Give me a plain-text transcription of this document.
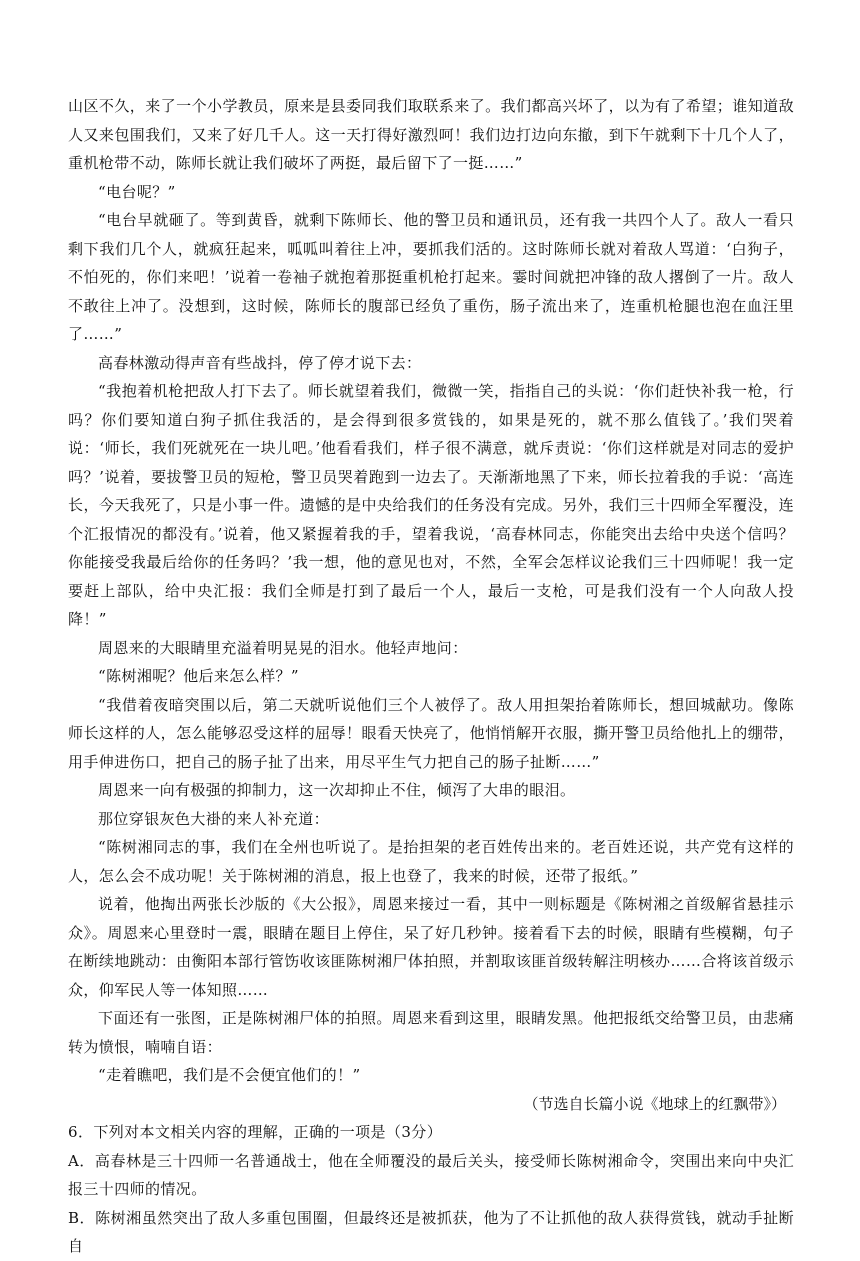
山区不久，来了一个小学教员，原来是县委同我们取联系来了。我们都高兴坏了，以为有了希望；谁知道敌人又来包围我们，又来了好几千人。这一天打得好激烈呵！我们边打边向东撤，到下午就剩下十几个人了，重机枪带不动，陈师长就让我们破坏了两挺，最后留下了一挺……”

“电台呢？”

“电台早就砸了。等到黄昏，就剩下陈师长、他的警卫员和通讯员，还有我一共四个人了。敌人一看只剩下我们几个人，就疯狂起来，呱呱叫着往上冲，要抓我们活的。这时陈师长就对着敌人骂道：‘白狗子，不怕死的，你们来吧！’说着一卷袖子就抱着那挺重机枪打起来。霎时间就把冲锋的敌人撂倒了一片。敌人不敢往上冲了。没想到，这时候，陈师长的腹部已经负了重伤，肠子流出来了，连重机枪腿也泡在血汪里了……”

高春林激动得声音有些战抖，停了停才说下去：

“我抱着机枪把敌人打下去了。师长就望着我们，微微一笑，指指自己的头说：‘你们赶快补我一枪，行吗？你们要知道白狗子抓住我活的，是会得到很多赏钱的，如果是死的，就不那么值钱了。’我们哭着说：‘师长，我们死就死在一块儿吧。’他看看我们，样子很不满意，就斥责说：‘你们这样就是对同志的爱护吗？’说着，要拔警卫员的短枪，警卫员哭着跑到一边去了。天渐渐地黑了下来，师长拉着我的手说：‘高连长，今天我死了，只是小事一件。遗憾的是中央给我们的任务没有完成。另外，我们三十四师全军覆没，连个汇报情况的都没有。’说着，他又紧握着我的手，望着我说，‘高春林同志，你能突出去给中央送个信吗？你能接受我最后给你的任务吗？’我一想，他的意见也对，不然，全军会怎样议论我们三十四师呢！我一定要赶上部队，给中央汇报：我们全师是打到了最后一个人，最后一支枪，可是我们没有一个人向敌人投降！”

周恩来的大眼睛里充溢着明晃晃的泪水。他轻声地问：

“陈树湘呢？他后来怎么样？”

“我借着夜暗突围以后，第二天就听说他们三个人被俘了。敌人用担架抬着陈师长，想回城献功。像陈师长这样的人，怎么能够忍受这样的屈辱！眼看天快亮了，他悄悄解开衣服，撕开警卫员给他扎上的绷带，用手伸进伤口，把自己的肠子扯了出来，用尽平生气力把自己的肠子扯断……”

周恩来一向有极强的抑制力，这一次却抑止不住，倾泻了大串的眼泪。

那位穿银灰色大褂的来人补充道：

“陈树湘同志的事，我们在全州也听说了。是抬担架的老百姓传出来的。老百姓还说，共产党有这样的人，怎么会不成功呢！关于陈树湘的消息，报上也登了，我来的时候，还带了报纸。”

说着，他掏出两张长沙版的《大公报》，周恩来接过一看，其中一则标题是《陈树湘之首级解省悬挂示众》。周恩来心里登时一震，眼睛在题目上停住，呆了好几秒钟。接着看下去的时候，眼睛有些模糊，句子在断续地跳动：由衡阳本部行管饬收该匪陈树湘尸体拍照，并割取该匪首级转解注明核办……合将该首级示众，仰军民人等一体知照……

下面还有一张图，正是陈树湘尸体的拍照。周恩来看到这里，眼睛发黑。他把报纸交给警卫员，由悲痛转为愤恨，喃喃自语：

“走着瞧吧，我们是不会便宜他们的！”

（节选自长篇小说《地球上的红飘带》）

6．下列对本文相关内容的理解，正确的一项是（3分）

A．高春林是三十四师一名普通战士，他在全师覆没的最后关头，接受师长陈树湘命令，突围出来向中央汇报三十四师的情况。

B．陈树湘虽然突出了敌人多重包围圈，但最终还是被抓获，他为了不让抓他的敌人获得赏钱，就动手扯断自
